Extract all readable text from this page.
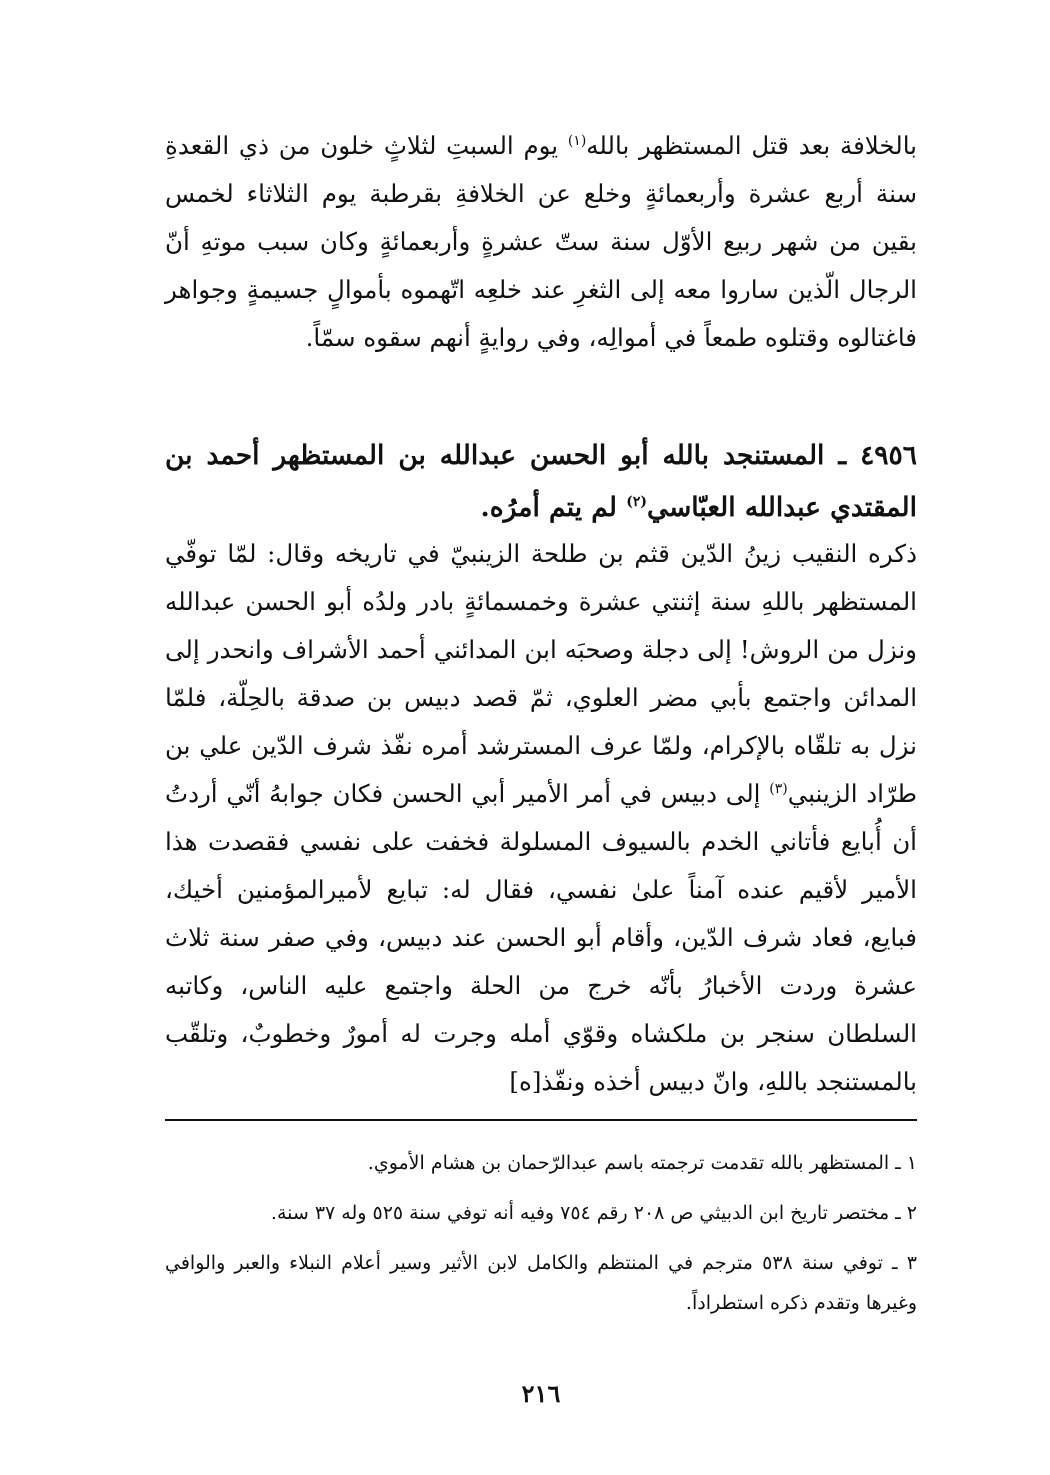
بالخلافة بعد قتل المستظهر بالله$^{(١)}$ يوم السبتِ لثلاثٍ خلون من ذي القعدةِ سنة أربع عشرة وأربعمائةٍ وخلع عن الخلافةِ بقرطبة يوم الثلاثاء لخمس بقين من شهر ربيع الأوّل سنة ستّ عشرةٍ وأربعمائةٍ وكان سبب موتهِ أنّ الرجال الّذين ساروا معه إلى الثغرِ عند خلعِه اتّهموه بأموالٍ جسيمةٍ وجواهر فاغتالوه وقتلوه طمعاً في أموالِه، وفي روايةٍ أنهم سقوه سمّاً.

٤٩٥٦ ـ المستنجد بالله أبو الحسن عبدالله بن المستظهر أحمد بن المقتدي عبدالله العبّاسي$^{(٢)}$ لم يتم أمرُه.

ذكره النقيب زينُ الدّين قثم بن طلحة الزينبيّ في تاريخه وقال: لمّا توفّي المستظهر باللهِ سنة إثنتي عشرة وخمسمائةٍ بادر ولدُه أبو الحسن عبدالله ونزل من الروش! إلى دجلة وصحبَه ابن المدائني أحمد الأشراف وانحدر إلى المدائن واجتمع بأبي مضر العلوي، ثمّ قصد دبيس بن صدقة بالحِلّة، فلمّا نزل به تلقّاه بالإكرام، ولمّا عرف المسترشد أمره نفّذ شرف الدّين علي بن طرّاد الزينبي$^{(٣)}$ إلى دبيس في أمر الأمير أبي الحسن فكان جوابهُ أنّي أردتُ أن أُبايع فأتاني الخدم بالسيوف المسلولة فخفت على نفسي فقصدت هذا الأمير لأقيم عنده آمناً علىٰ نفسي، فقال له: تبايع لأميرالمؤمنين أخيك، فبايع، فعاد شرف الدّين، وأقام أبو الحسن عند دبيس، وفي صفر سنة ثلاث عشرة وردت الأخبارُ بأنّه خرج من الحلة واجتمع عليه الناس، وكاتبه السلطان سنجر بن ملكشاه وقوّي أمله وجرت له أمورٌ وخطوبٌ، وتلقّب بالمستنجد باللهِ، وانّ دبيس أخذه ونفّذ[ه]

١ ـ المستظهر بالله تقدمت ترجمته باسم عبدالرّحمان بن هشام الأموي.

٢ ـ مختصر تاريخ ابن الدبيثي ص ٢٠٨ رقم ٧٥٤ وفيه أنه توفي سنة ٥٢٥ وله ٣٧ سنة.

٣ ـ توفي سنة ٥٣٨ مترجم في المنتظم والكامل لابن الأثير وسير أعلام النبلاء والعبر والوافي وغيرها وتقدم ذكره استطراداً.

٢١٦
